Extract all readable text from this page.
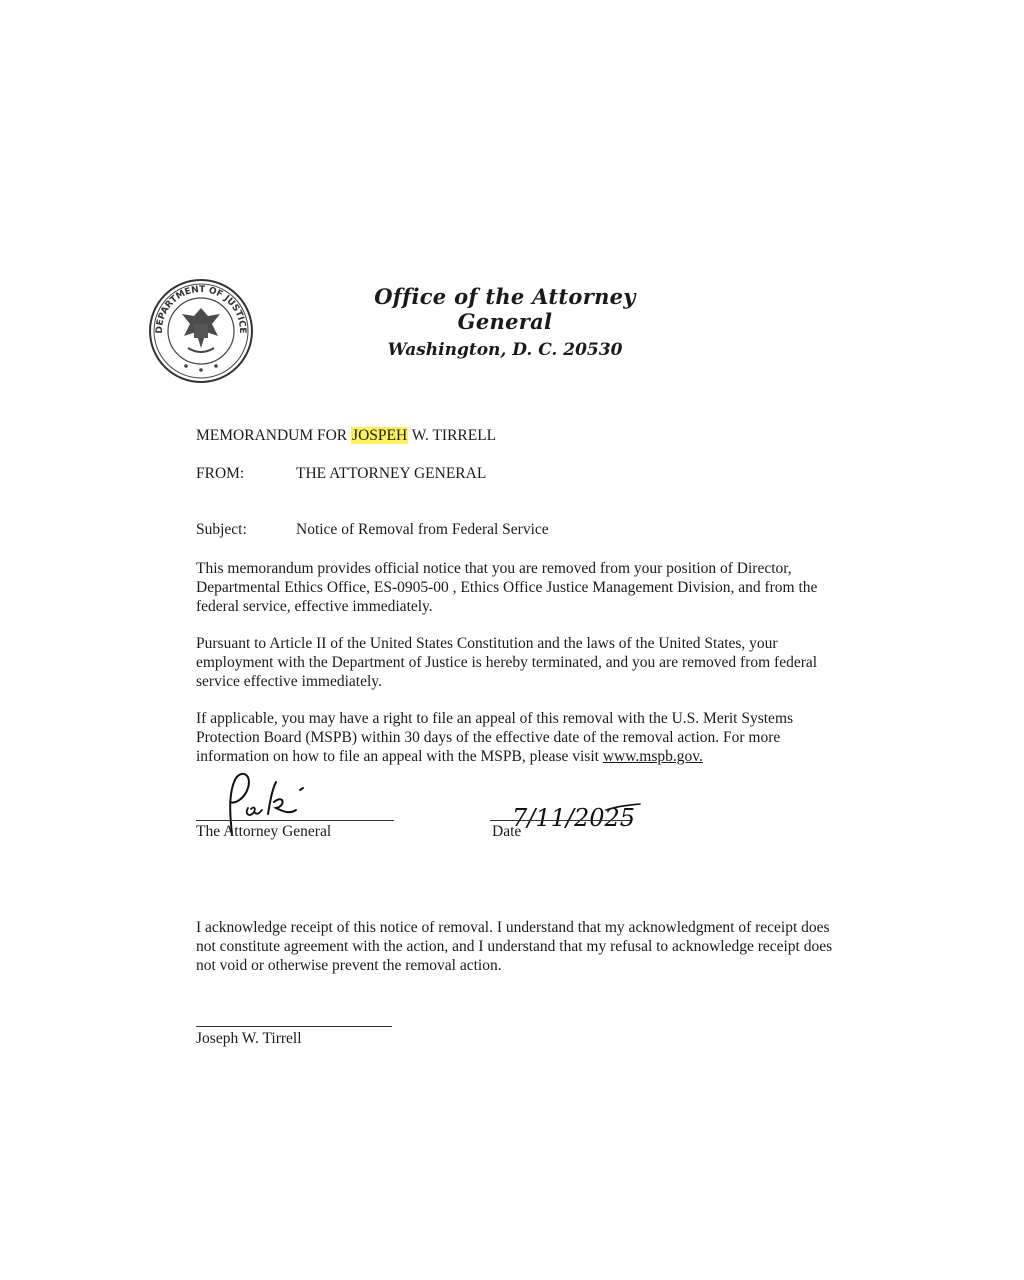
DEPARTMENT OF JUSTICE
Office of the Attorney General
Washington, D. C. 20530
MEMORANDUM FOR JOSPEH W. TIRRELL
FROM:	THE ATTORNEY GENERAL
Subject:	Notice of Removal from Federal Service
This memorandum provides official notice that you are removed from your position of Director, Departmental Ethics Office, ES-0905-00 , Ethics Office Justice Management Division, and from the federal service, effective immediately.
Pursuant to Article II of the United States Constitution and the laws of the United States, your employment with the Department of Justice is hereby terminated, and you are removed from federal service effective immediately.
If applicable, you may have a right to file an appeal of this removal with the U.S. Merit Systems Protection Board (MSPB) within 30 days of the effective date of the removal action. For more information on how to file an appeal with the MSPB, please visit www.mspb.gov.
The Attorney General	7/11/2025
Date
I acknowledge receipt of this notice of removal. I understand that my acknowledgment of receipt does not constitute agreement with the action, and I understand that my refusal to acknowledge receipt does not void or otherwise prevent the removal action.
Joseph W. Tirrell
